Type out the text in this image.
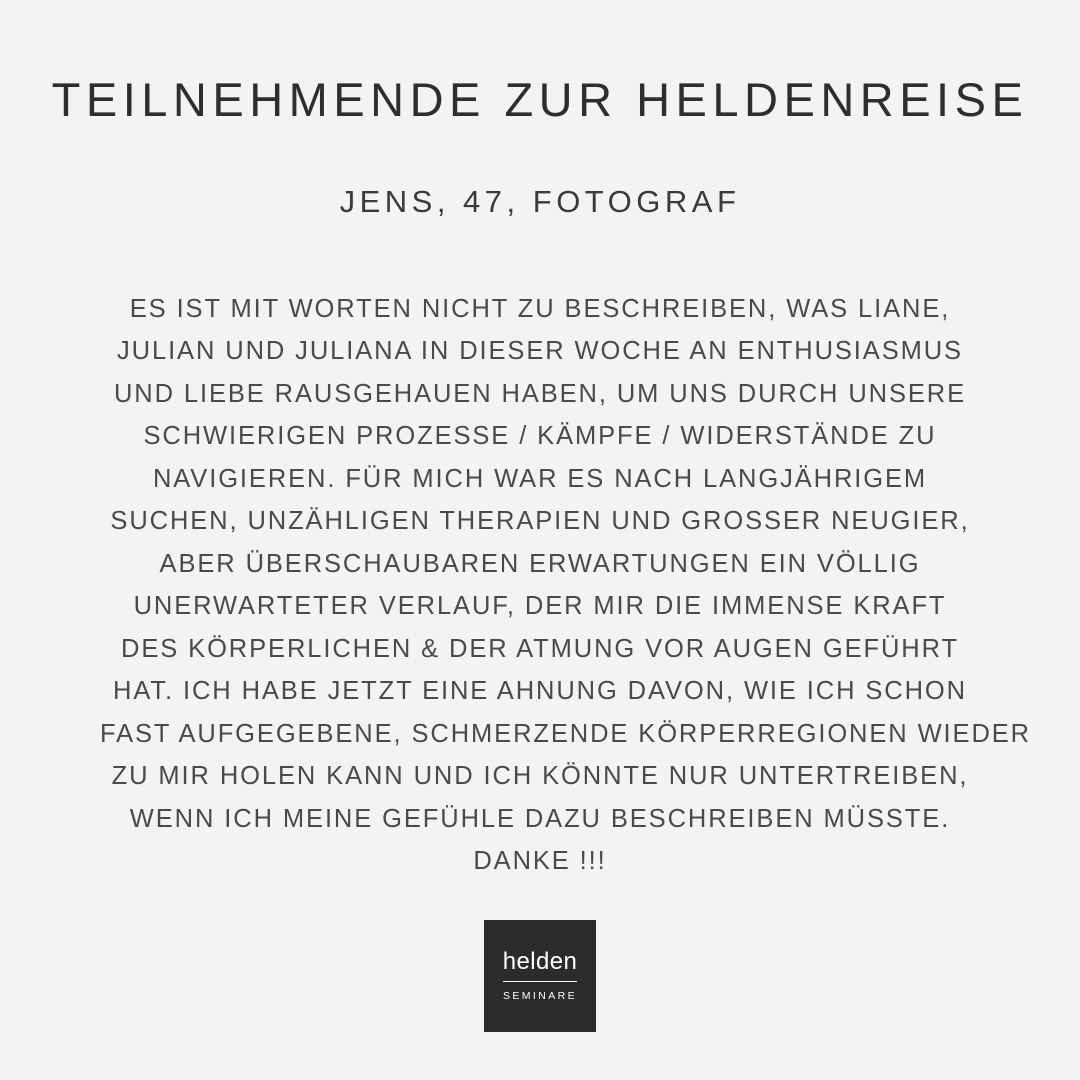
TEILNEHMENDE ZUR HELDENREISE
JENS, 47, FOTOGRAF
ES IST MIT WORTEN NICHT ZU BESCHREIBEN, WAS LIANE,
JULIAN UND JULIANA IN DIESER WOCHE AN ENTHUSIASMUS
UND LIEBE RAUSGEHAUEN HABEN, UM UNS DURCH UNSERE
SCHWIERIGEN PROZESSE / KÄMPFE / WIDERSTÄNDE ZU
NAVIGIEREN. FÜR MICH WAR ES NACH LANGJÄHRIGEM
SUCHEN, UNZÄHLIGEN THERAPIEN UND GROSSER NEUGIER,
ABER ÜBERSCHAUBAREN ERWARTUNGEN EIN VÖLLIG
UNERWARTETER VERLAUF, DER MIR DIE IMMENSE KRAFT
DES KÖRPERLICHEN & DER ATMUNG VOR AUGEN GEFÜHRT
HAT. ICH HABE JETZT EINE AHNUNG DAVON, WIE ICH SCHON
FAST AUFGEGEBENE, SCHMERZENDE KÖRPERREGIONEN WIEDER
ZU MIR HOLEN KANN UND ICH KÖNNTE NUR UNTERTREIBEN,
WENN ICH MEINE GEFÜHLE DAZU BESCHREIBEN MÜSSTE.
DANKE !!!
helden
SEMINARE
